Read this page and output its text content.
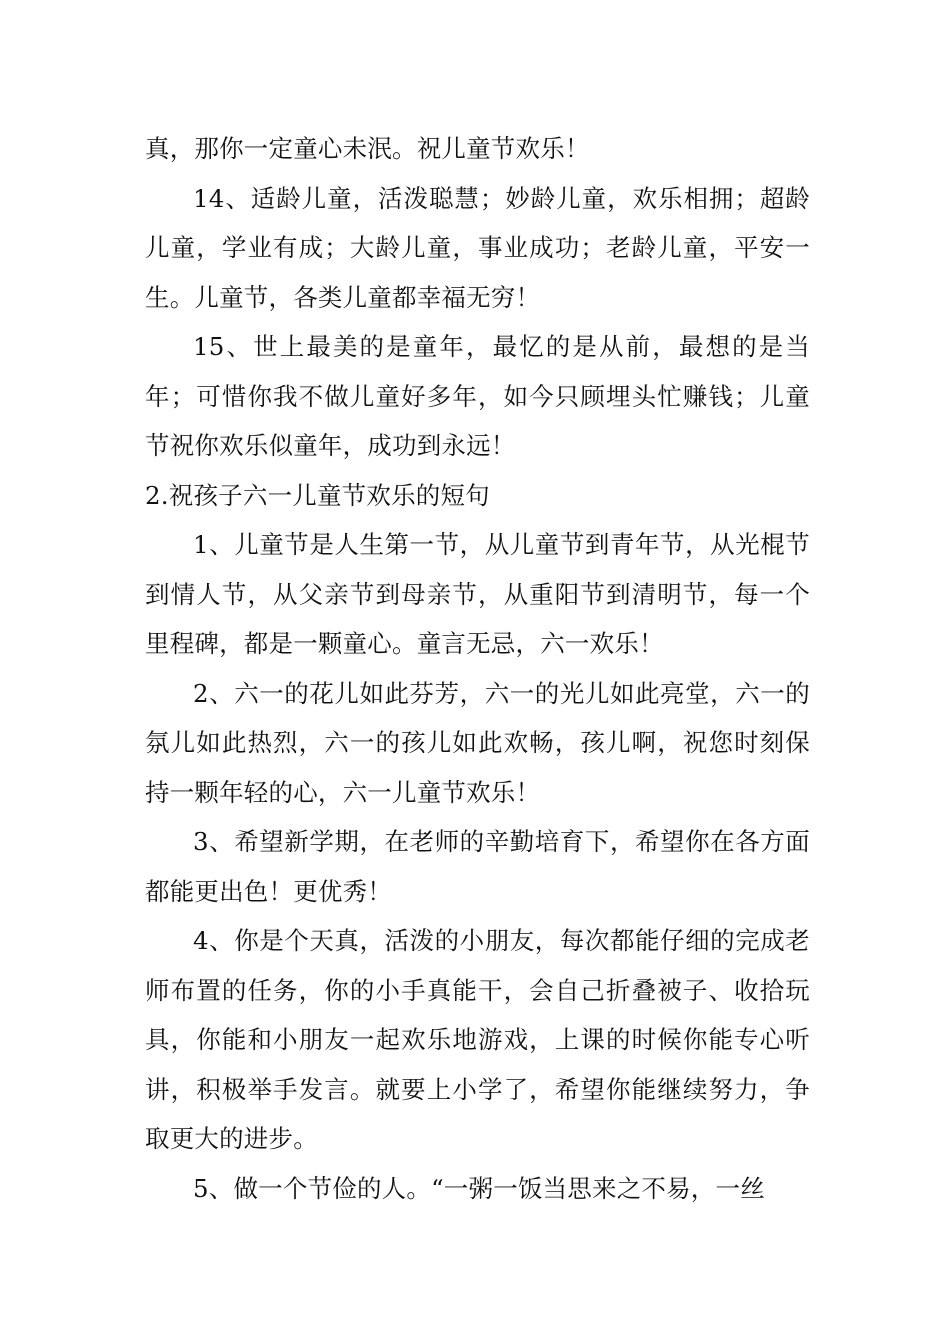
真，那你一定童心未泯。祝儿童节欢乐！

14、适龄儿童，活泼聪慧；妙龄儿童，欢乐相拥；超龄儿童，学业有成；大龄儿童，事业成功；老龄儿童，平安一生。儿童节，各类儿童都幸福无穷！

15、世上最美的是童年，最忆的是从前，最想的是当年；可惜你我不做儿童好多年，如今只顾埋头忙赚钱；儿童节祝你欢乐似童年，成功到永远！

2.祝孩子六一儿童节欢乐的短句

1、儿童节是人生第一节，从儿童节到青年节，从光棍节到情人节，从父亲节到母亲节，从重阳节到清明节，每一个里程碑，都是一颗童心。童言无忌，六一欢乐！

2、六一的花儿如此芬芳，六一的光儿如此亮堂，六一的氛儿如此热烈，六一的孩儿如此欢畅，孩儿啊，祝您时刻保持一颗年轻的心，六一儿童节欢乐！

3、希望新学期，在老师的辛勤培育下，希望你在各方面都能更出色！更优秀！

4、你是个天真，活泼的小朋友，每次都能仔细的完成老师布置的任务，你的小手真能干，会自己折叠被子、收拾玩具，你能和小朋友一起欢乐地游戏，上课的时候你能专心听讲，积极举手发言。就要上小学了，希望你能继续努力，争取更大的进步。

5、做一个节俭的人。“一粥一饭当思来之不易，一丝
